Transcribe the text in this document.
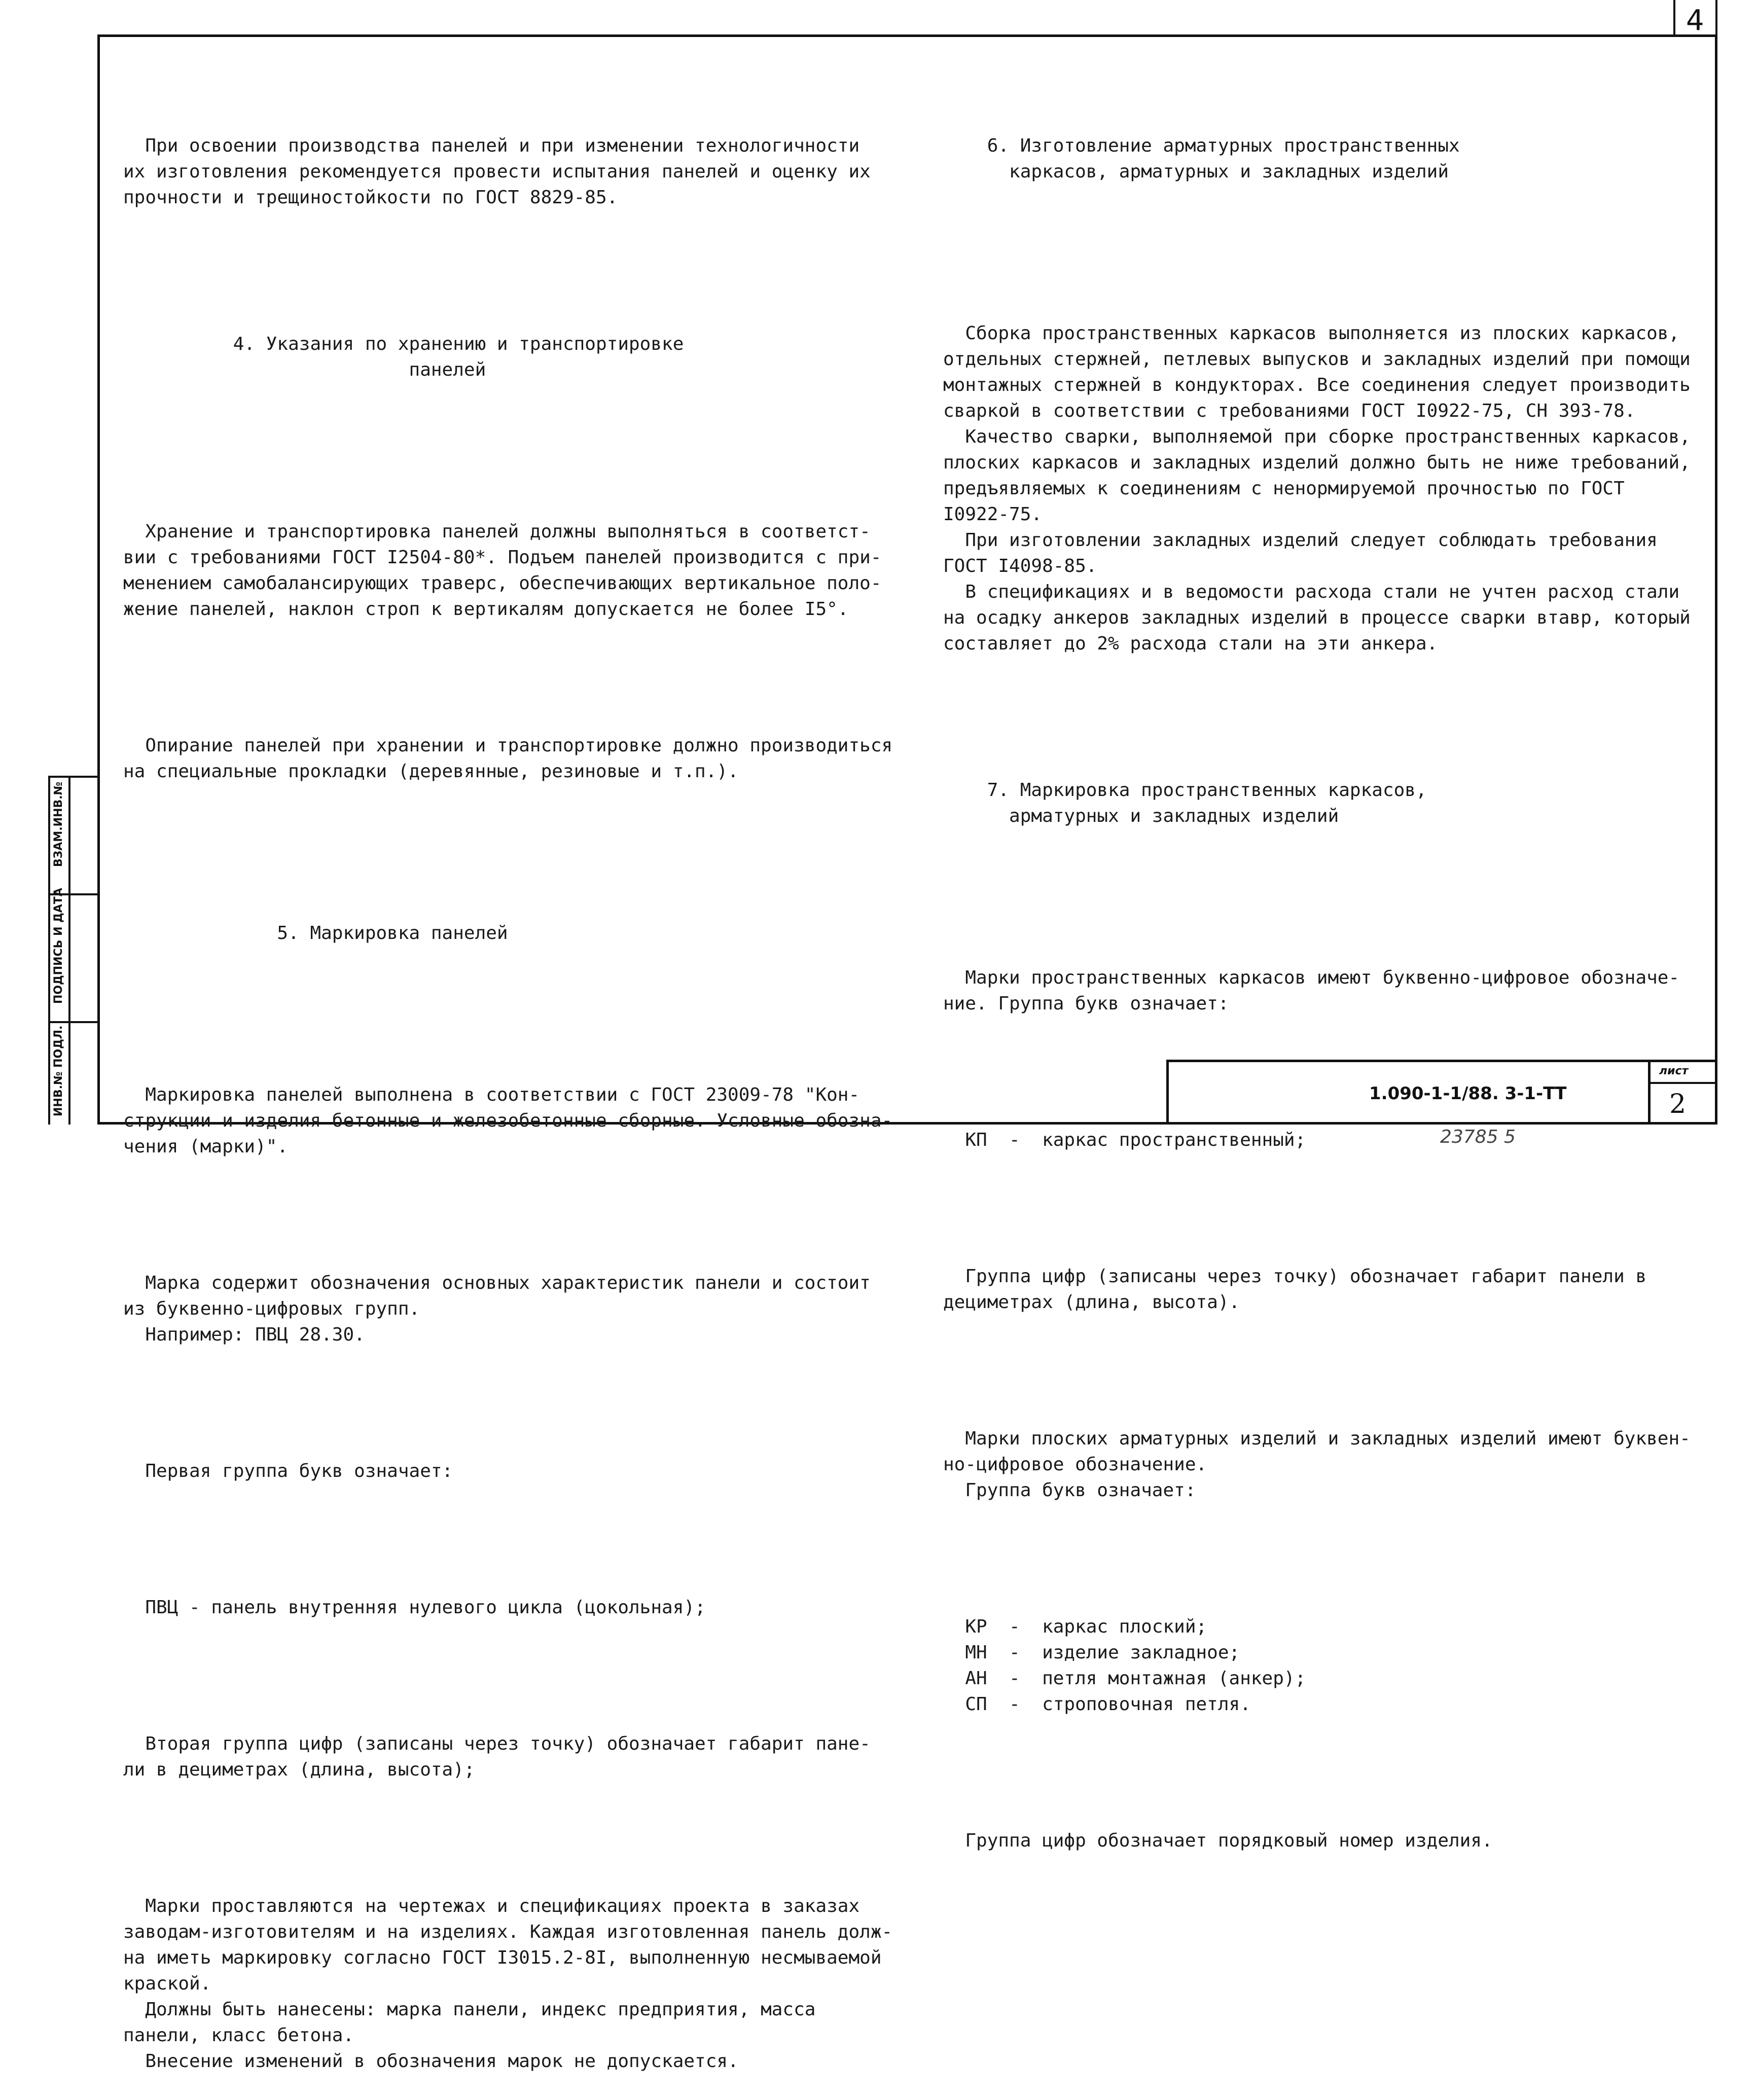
4

При освоении производства панелей и при изменении технологичности
их изготовления рекомендуется провести испытания панелей и оценку их
прочности и трещиностойкости по ГОСТ 8829-85.

4. Указания по хранению и транспортировке
панелей

Хранение и транспортировка панелей должны выполняться в соответст-
вии с требованиями ГОСТ I2504-80*. Подъем панелей производится с при-
менением самобалансирующих траверс, обеспечивающих вертикальное поло-
жение панелей, наклон строп к вертикалям допускается не более I5°.

Опирание панелей при хранении и транспортировке должно производиться
на специальные прокладки (деревянные, резиновые и т.п.).

5. Маркировка панелей

Маркировка панелей выполнена в соответствии с ГОСТ 23009-78 "Кон-
струкции и изделия бетонные и железобетонные сборные. Условные обозна-
чения (марки)".

Марка содержит обозначения основных характеристик панели и состоит
из буквенно-цифровых групп.
Например: ПВЦ 28.30.

Первая группа букв означает:

ПВЦ - панель внутренняя нулевого цикла (цокольная);

Вторая группа цифр (записаны через точку) обозначает габарит пане-
ли в дециметрах (длина, высота);

Марки проставляются на чертежах и спецификациях проекта в заказах
заводам-изготовителям и на изделиях. Каждая изготовленная панель долж-
на иметь маркировку согласно ГОСТ I3015.2-8I, выполненную несмываемой
краской.
Должны быть нанесены: марка панели, индекс предприятия, масса
панели, класс бетона.
Внесение изменений в обозначения марок не допускается.

6. Изготовление арматурных пространственных
каркасов, арматурных и закладных изделий

Сборка пространственных каркасов выполняется из плоских каркасов,
отдельных стержней, петлевых выпусков и закладных изделий при помощи
монтажных стержней в кондукторах. Все соединения следует производить
сваркой в соответствии с требованиями ГОСТ I0922-75, СН 393-78.
Качество сварки, выполняемой при сборке пространственных каркасов,
плоских каркасов и закладных изделий должно быть не ниже требований,
предъявляемых к соединениям с ненормируемой прочностью по ГОСТ
I0922-75.
При изготовлении закладных изделий следует соблюдать требования
ГОСТ I4098-85.
В спецификациях и в ведомости расхода стали не учтен расход стали
на осадку анкеров закладных изделий в процессе сварки втавр, который
составляет до 2% расхода стали на эти анкера.

7. Маркировка пространственных каркасов,
арматурных и закладных изделий

Марки пространственных каркасов имеют буквенно-цифровое обозначе-
ние. Группа букв означает:

КП  -  каркас пространственный;

Группа цифр (записаны через точку) обозначает габарит панели в
дециметрах (длина, высота).

Марки плоских арматурных изделий и закладных изделий имеют буквен-
но-цифровое обозначение.
Группа букв означает:

КР  -  каркас плоский;
МН  -  изделие закладное;
АН  -  петля монтажная (анкер);
СП  -  строповочная петля.

Группа цифр обозначает порядковый номер изделия.

ВЗАМ.ИНВ.№
ПОДПИСЬ И ДАТА
ИНВ.№ ПОДЛ.	1.090-1-1/88. 3-1-ТТ
лист
2
23785 5
